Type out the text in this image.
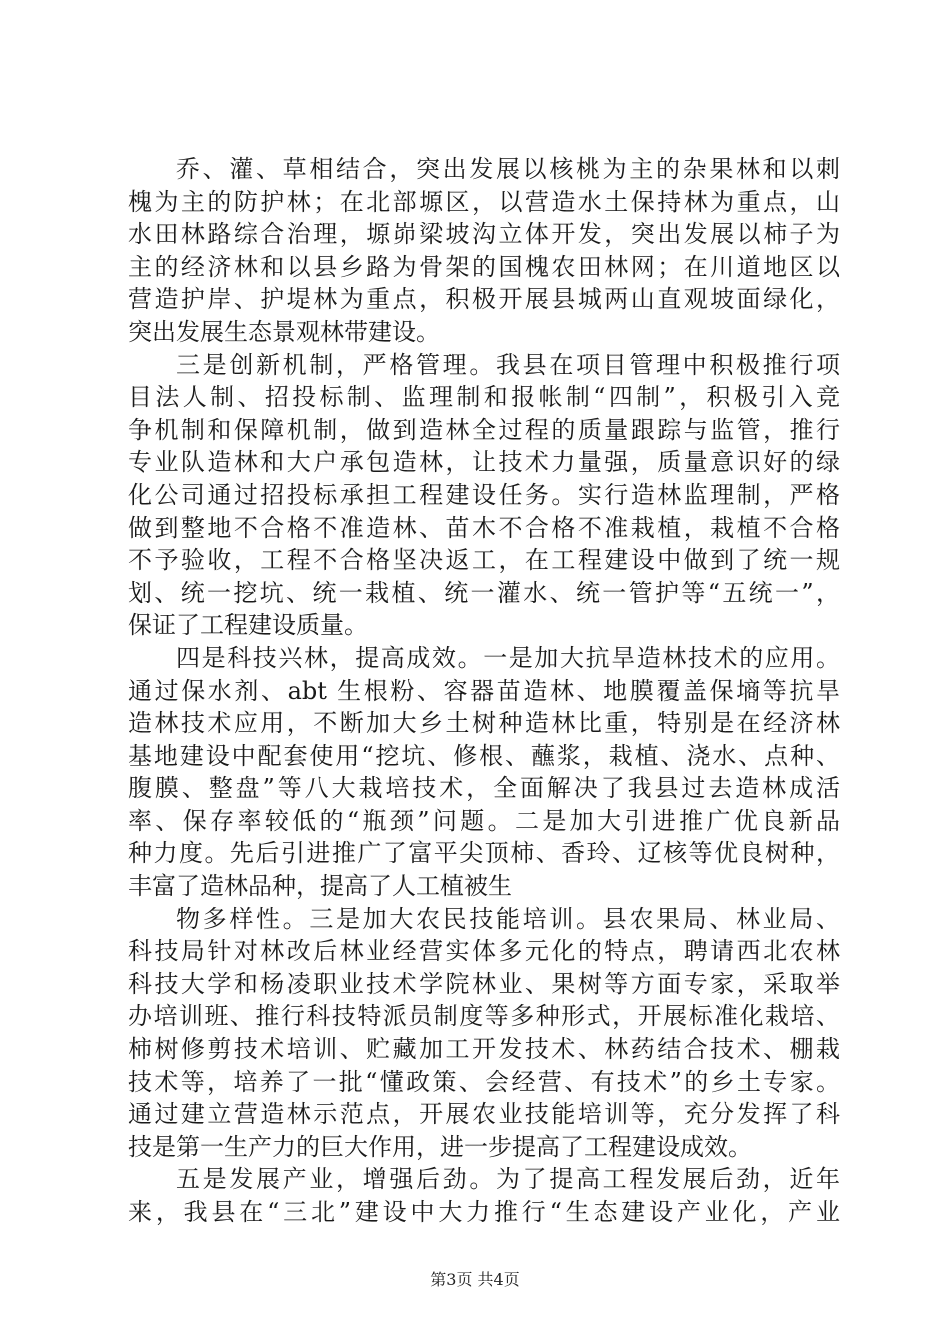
乔、灌、草相结合，突出发展以核桃为主的杂果林和以刺
槐为主的防护林；在北部塬区，以营造水土保持林为重点，山
水田林路综合治理，塬峁梁坡沟立体开发，突出发展以柿子为
主的经济林和以县乡路为骨架的国槐农田林网；在川道地区以
营造护岸、护堤林为重点，积极开展县城两山直观坡面绿化，
突出发展生态景观林带建设。
三是创新机制，严格管理。我县在项目管理中积极推行项
目法人制、招投标制、监理制和报帐制“四制”，积极引入竞
争机制和保障机制，做到造林全过程的质量跟踪与监管，推行
专业队造林和大户承包造林，让技术力量强，质量意识好的绿
化公司通过招投标承担工程建设任务。实行造林监理制，严格
做到整地不合格不准造林、苗木不合格不准栽植，栽植不合格
不予验收，工程不合格坚决返工，在工程建设中做到了统一规
划、统一挖坑、统一栽植、统一灌水、统一管护等“五统一”，
保证了工程建设质量。
四是科技兴林，提高成效。一是加大抗旱造林技术的应用。
通过保水剂、abt 生根粉、容器苗造林、地膜覆盖保墒等抗旱
造林技术应用，不断加大乡土树种造林比重，特别是在经济林
基地建设中配套使用“挖坑、修根、蘸浆，栽植、浇水、点种、
腹膜、整盘”等八大栽培技术，全面解决了我县过去造林成活
率、保存率较低的“瓶颈”问题。二是加大引进推广优良新品
种力度。先后引进推广了富平尖顶柿、香玲、辽核等优良树种，
丰富了造林品种，提高了人工植被生
物多样性。三是加大农民技能培训。县农果局、林业局、
科技局针对林改后林业经营实体多元化的特点，聘请西北农林
科技大学和杨凌职业技术学院林业、果树等方面专家，采取举
办培训班、推行科技特派员制度等多种形式，开展标准化栽培、
柿树修剪技术培训、贮藏加工开发技术、林药结合技术、棚栽
技术等，培养了一批“懂政策、会经营、有技术”的乡土专家。
通过建立营造林示范点，开展农业技能培训等，充分发挥了科
技是第一生产力的巨大作用，进一步提高了工程建设成效。
五是发展产业，增强后劲。为了提高工程发展后劲，近年
来，我县在“三北”建设中大力推行“生态建设产业化，产业
第3页 共4页
